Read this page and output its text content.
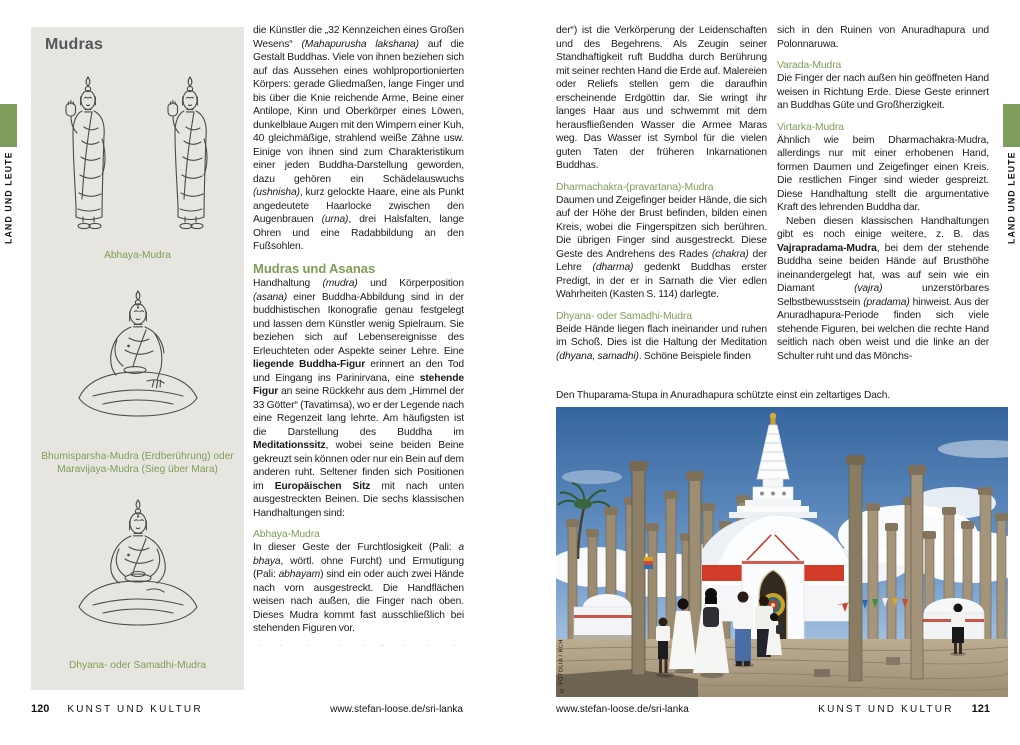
LAND UND LEUTE	LAND UND LEUTE
Mudras
Abhaya-Mudra
Bhumisparsha-Mudra (Erdberührung) oder Maravijaya-Mudra (Sieg über Mara)
Dhyana- oder Samadhi-Mudra

die Künstler die „32 Kennzeichen eines Großen Wesens“ (Mahapurusha lakshana) auf die Gestalt Buddhas. Viele von ihnen beziehen sich auf das Aussehen eines wohlproportionierten Körpers: gerade Gliedmaßen, lange Finger und bis über die Knie reichende Arme, Beine einer Antilope, Kinn und Oberkörper eines Löwen, dunkelblaue Augen mit den Wimpern einer Kuh, 40 gleichmäßige, strahlend weiße Zähne usw. Einige von ihnen sind zum Charakteristikum einer jeden Buddha-Darstellung geworden, dazu gehören ein Schädelauswuchs (ushnisha), kurz gelockte Haare, eine als Punkt angedeutete Haarlocke zwischen den Augenbrauen (urna), drei Halsfalten, lange Ohren und eine Radabbildung an den Fußsohlen.

Mudras und Asanas

Handhaltung (mudra) und Körperposition (asana) einer Buddha-Abbildung sind in der buddhistischen Ikonografie genau festgelegt und lassen dem Künstler wenig Spielraum. Sie beziehen sich auf Lebensereignisse des Erleuchteten oder Aspekte seiner Lehre. Eine liegende Buddha-Figur erinnert an den Tod und Eingang ins Parinirvana, eine stehende Figur an seine Rückkehr aus dem „Himmel der 33 Götter“ (Tavatimsa), wo er der Legende nach eine Regenzeit lang lehrte. Am häufigsten ist die Darstellung des Buddha im Meditationssitz, wobei seine beiden Beine gekreuzt sein können oder nur ein Bein auf dem anderen ruht. Seltener finden sich Positionen im Europäischen Sitz mit nach unten ausgestreckten Beinen. Die sechs klassischen Handhaltungen sind:

Abhaya-Mudra

In dieser Geste der Furchtlosigkeit (Pali: a bhaya, wörtl. ohne Furcht) und Ermutigung (Pali: abhayam) sind ein oder auch zwei Hände nach vorn ausgestreckt. Die Handflächen weisen nach außen, die Finger nach oben. Dieses Mudra kommt fast ausschließlich bei stehenden Figuren vor.

der“) ist die Verkörperung der Leidenschaften und des Begehrens. Als Zeugin seiner Standhaftigkeit ruft Buddha durch Berührung mit seiner rechten Hand die Erde auf. Malereien oder Reliefs stellen gern die daraufhin erscheinende Erdgöttin dar. Sie wringt ihr langes Haar aus und schwemmt mit dem herausfließenden Wasser die Armee Maras weg. Das Wasser ist Symbol für die vielen guten Taten der früheren Inkarnationen Buddhas.

Dharmachakra-(pravartana)-Mudra

Daumen und Zeigefinger beider Hände, die sich auf der Höhe der Brust befinden, bilden einen Kreis, wobei die Fingerspitzen sich berühren. Die übrigen Finger sind ausgestreckt. Diese Geste des Andrehens des Rades (chakra) der Lehre (dharma) gedenkt Buddhas erster Predigt, in der er in Sarnath die Vier edlen Wahrheiten (Kasten S. 114) darlegte.

Dhyana- oder Samadhi-Mudra

Beide Hände liegen flach ineinander und ruhen im Schoß. Dies ist die Haltung der Meditation (dhyana, samadhi). Schöne Beispiele finden

sich in den Ruinen von Anuradhapura und Polonnaruwa.

Varada-Mudra

Die Finger der nach außen hin geöffneten Hand weisen in Richtung Erde. Diese Geste erinnert an Buddhas Güte und Großherzigkeit.

Virtarka-Mudra

Ähnlich wie beim Dharmachakra-Mudra, allerdings nur mit einer erhobenen Hand, formen Daumen und Zeigefinger einen Kreis. Die restlichen Finger sind wieder gespreizt. Diese Handhaltung stellt die argumentative Kraft des lehrenden Buddha dar.

Neben diesen klassischen Handhaltungen gibt es noch einige weitere, z. B. das Vajrapradama-Mudra, bei dem der stehende Buddha seine beiden Hände auf Brusthöhe ineinandergelegt hat, was auf sein wie ein Diamant (vajra) unzerstörbares Selbstbewusstsein (pradama) hinweist. Aus der Anuradhapura-Periode finden sich viele stehende Figuren, bei welchen die rechte Hand seitlich nach oben weist und die linke an der Schulter ruht und das Mönchs-

Den Thuparama-Stupa in Anuradhapura schützte einst ein zeltartiges Dach.
© FOTOLIA / RCH
120 KUNST UND KULTUR	www.stefan-loose.de/sri-lanka	www.stefan-loose.de/sri-lanka	KUNST UND KULTUR 121
